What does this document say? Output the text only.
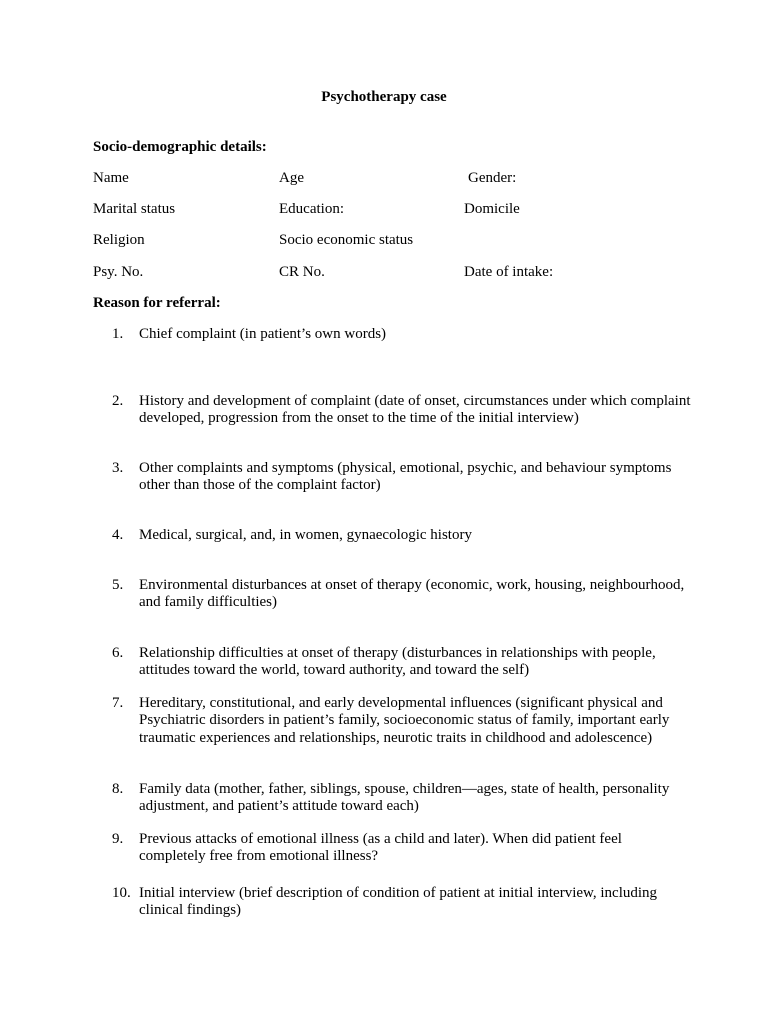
Psychotherapy case
Socio-demographic details:
Name	Age	Gender:
Marital status	Education:	Domicile
Religion	Socio economic status
Psy. No.	CR No.	Date of intake:
Reason for referral:
1.	Chief complaint (in patient’s own words)
2.	History and development of complaint (date of onset, circumstances under which complaint developed, progression from the onset to the time of the initial interview)
3.	Other complaints and symptoms (physical, emotional, psychic, and behaviour symptoms other than those of the complaint factor)
4.	Medical, surgical, and, in women, gynaecologic history
5.	Environmental disturbances at onset of therapy (economic, work, housing, neighbourhood, and family difficulties)
6.	Relationship difficulties at onset of therapy (disturbances in relationships with people, attitudes toward the world, toward authority, and toward the self)
7.	Hereditary, constitutional, and early developmental influences (significant physical and Psychiatric disorders in patient’s family, socioeconomic status of family, important early traumatic experiences and relationships, neurotic traits in childhood and adolescence)
8.	Family data (mother, father, siblings, spouse, children—ages, state of health, personality adjustment, and patient’s attitude toward each)
9.	Previous attacks of emotional illness (as a child and later). When did patient feel completely free from emotional illness?
10. Initial interview (brief description of condition of patient at initial interview, including clinical findings)
